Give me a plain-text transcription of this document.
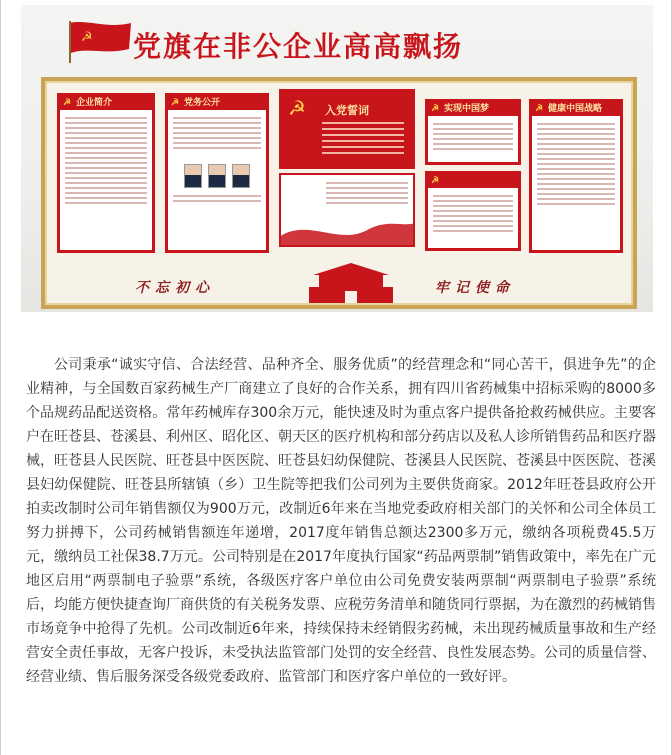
☭ 党旗在非公企业高高飘扬
☭ 企业简介	☭ 党务公开	☭	入党誓词	☭ 实现中国梦
☭	☭ 健康中国战略
不忘初心	牢记使命
公司秉承“诚实守信、合法经营、品种齐全、服务优质”的经营理念和“同心苦干，俱进争先”的企业精神，与全国数百家药械生产厂商建立了良好的合作关系，拥有四川省药械集中招标采购的8000多个品规药品配送资格。常年药械库存300余万元，能快速及时为重点客户提供备抢救药械供应。主要客户在旺苍县、苍溪县、利州区、昭化区、朝天区的医疗机构和部分药店以及私人诊所销售药品和医疗器械，旺苍县人民医院、旺苍县中医医院、旺苍县妇幼保健院、苍溪县人民医院、苍溪县中医医院、苍溪县妇幼保健院、旺苍县所辖镇（乡）卫生院等把我们公司列为主要供货商家。2012年旺苍县政府公开拍卖改制时公司年销售额仅为900万元，改制近6年来在当地党委政府相关部门的关怀和公司全体员工努力拼搏下，公司药械销售额连年递增，2017度年销售总额达2300多万元，缴纳各项税费45.5万元，缴纳员工社保38.7万元。公司特别是在2017年度执行国家“药品两票制”销售政策中，率先在广元地区启用“两票制电子验票”系统，各级医疗客户单位由公司免费安装两票制“两票制电子验票”系统后，均能方便快捷查询厂商供货的有关税务发票、应税劳务清单和随货同行票据，为在激烈的药械销售市场竟争中抢得了先机。公司改制近6年来，持续保持未经销假劣药械，未出现药械质量事故和生产经营安全责任事故，无客户投诉，未受执法监管部门处罚的安全经营、良性发展态势。公司的质量信誉、经营业绩、售后服务深受各级党委政府、监管部门和医疗客户单位的一致好评。
